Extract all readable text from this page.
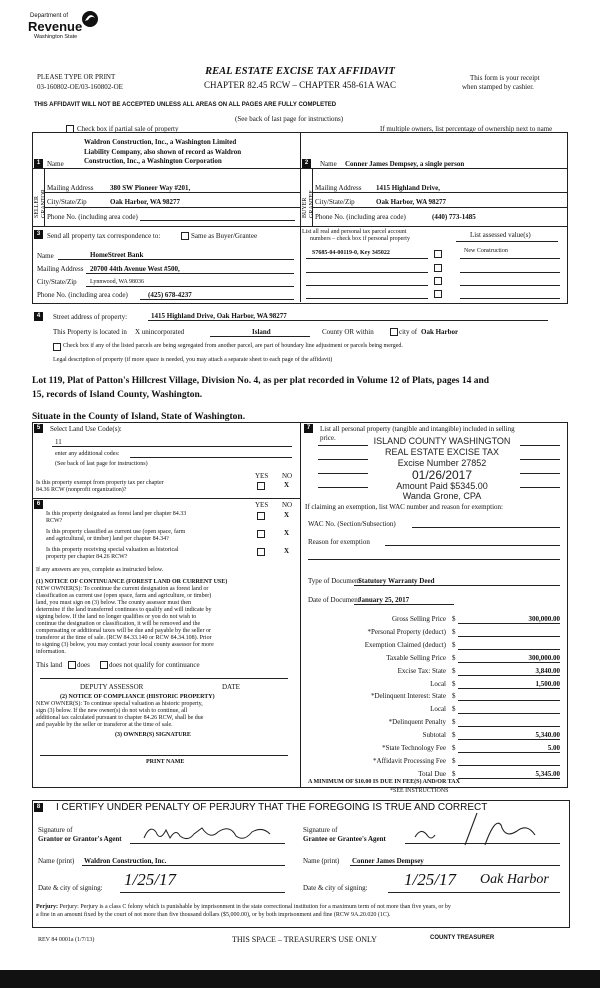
Department of
Revenue
Washington State
PLEASE TYPE OR PRINT
03-160802-OE/03-160802-OE
REAL ESTATE EXCISE TAX AFFIDAVIT
CHAPTER 82.45 RCW – CHAPTER 458-61A WAC
This form is your receipt
when stamped by cashier.
THIS AFFIDAVIT WILL NOT BE ACCEPTED UNLESS ALL AREAS ON ALL PAGES ARE FULLY COMPLETED
(See back of last page for instructions)
Check box if partial sale of property	If multiple owners, list percentage of ownership next to name
1 Name
Waldron Construction, Inc., a Washington Limited
Liability Company, also shown of record as Waldron
Construction, Inc., a Washington Corporation
SELLER GRANTOR
Mailing Address 380 SW Pioneer Way #201,
City/State/Zip	Oak Harbor, WA 98277
Phone No. (including area code)
2	Name Conner James Dempsey, a single person
BUYER GRANTEE
Mailing Address 1415 Highland Drive,
City/State/Zip	Oak Harbor, WA 98277
Phone No. (including area code)	(440) 773-1485
3 Send all property tax correspondence to:	Same as Buyer/Grantee
Name	HomeStreet Bank
Mailing Address 20700 44th Avenue West #500,
City/State/Zip Lynnwood, WA 98036
Phone No. (including area code)	(425) 678-4237
List all real and personal tax parcel account
numbers – check box if personal property	List assessed value(s)
S7685-04-00119-0, Key 345022	New Construction
4	Street address of property:	1415 Highland Drive, Oak Harbor, WA 98277
This Property is located in X unincorporated	Island	County OR within	city of Oak Harbor
Check box if any of the listed parcels are being segregated from another parcel, are part of boundary line adjustment or parcels being merged.
Legal description of property (if more space is needed, you may attach a separate sheet to each page of the affidavit)
Lot 119, Plat of Patton's Hillcrest Village, Division No. 4, as per plat recorded in Volume 12 of Plats, pages 14 and
15, records of Island County, Washington.
Situate in the County of Island, State of Washington.
5	Select Land Use Code(s):
11
enter any additional codes:
(See back of last page for instructions)
YES NO
Is this property exempt from property tax per chapter
84.36 RCW (nonprofit organization)?
X
6	YES NO
Is this property designated as forest land per chapter 84.33
RCW?
X
Is this property classified as current use (open space, farm
and agricultural, or timber) land per chapter 84.34?
X
Is this property receiving special valuation as historical
property per chapter 84.26 RCW?
X
If any answers are yes, complete as instructed below.
(1) NOTICE OF CONTINUANCE (FOREST LAND OR CURRENT USE)
NEW OWNER(S): To continue the current designation as forest land or
classification as current use (open space, farm and agriculture, or timber)
land, you must sign on (3) below. The county assessor must then
determine if the land transferred continues to qualify and will indicate by
signing below. If the land no longer qualifies or you do not wish to
continue the designation or classification, it will be removed and the
compensating or additional taxes will be due and payable by the seller or
transferor at the time of sale. (RCW 84.33.140 or RCW 84.34.108). Prior
to signing (3) below, you may contact your local county assessor for more
information.
This land does	does not qualify for continuance
DEPUTY ASSESSOR	DATE
(2) NOTICE OF COMPLIANCE (HISTORIC PROPERTY)
NEW OWNER(S): To continue special valuation as historic property,
sign (3) below. If the new owner(s) do not wish to continue, all
additional tax calculated pursuant to chapter 84.26 RCW, shall be due
and payable by the seller or transferor at the time of sale.
(3) OWNER(S) SIGNATURE
PRINT NAME
7	List all personal property (tangible and intangible) included in selling
price.	ISLAND COUNTY WASHINGTON
REAL ESTATE EXCISE TAX
Excise Number 27852
01/26/2017
Amount Paid $5345.00
Wanda Grone, CPA
If claiming an exemption, list WAC number and reason for exemption:
WAC No. (Section/Subsection)
Reason for exemption
Type of Document
Statutory Warranty Deed
Date of Document
January 25, 2017
Gross Selling Price $	300,000.00
*Personal Property (deduct) $
Exemption Claimed (deduct) $
Taxable Selling Price $	300,000.00
Excise Tax: State $	3,840.00
Local $	1,500.00
*Delinquent Interest: State $
Local $
*Delinquent Penalty $
Subtotal $	5,340.00
*State Technology Fee $	5.00
*Affidavit Processing Fee $
Total Due $	5,345.00
A MINIMUM OF $10.00 IS DUE IN FEE(S) AND/OR TAX
*SEE INSTRUCTIONS
8 I CERTIFY UNDER PENALTY OF PERJURY THAT THE FOREGOING IS TRUE AND CORRECT
Signature of
Grantor or Grantor's Agent
Name (print) Waldron Construction, Inc.
Date & city of signing: 1/25/17
Signature of
Grantee or Grantee's Agent
Name (print) Conner James Dempsey
Date & city of signing: 1/25/17 Oak Harbor
Perjury: Perjury: Perjury is a class C felony which is punishable by imprisonment in the state correctional institution for a maximum term of not more than five years, or by
a fine in an amount fixed by the court of not more than five thousand dollars ($5,000.00), or by both imprisonment and fine (RCW 9A.20.020 (1C).
REV 84 0001a (1/7/13)	THIS SPACE – TREASURER'S USE ONLY	COUNTY TREASURER
